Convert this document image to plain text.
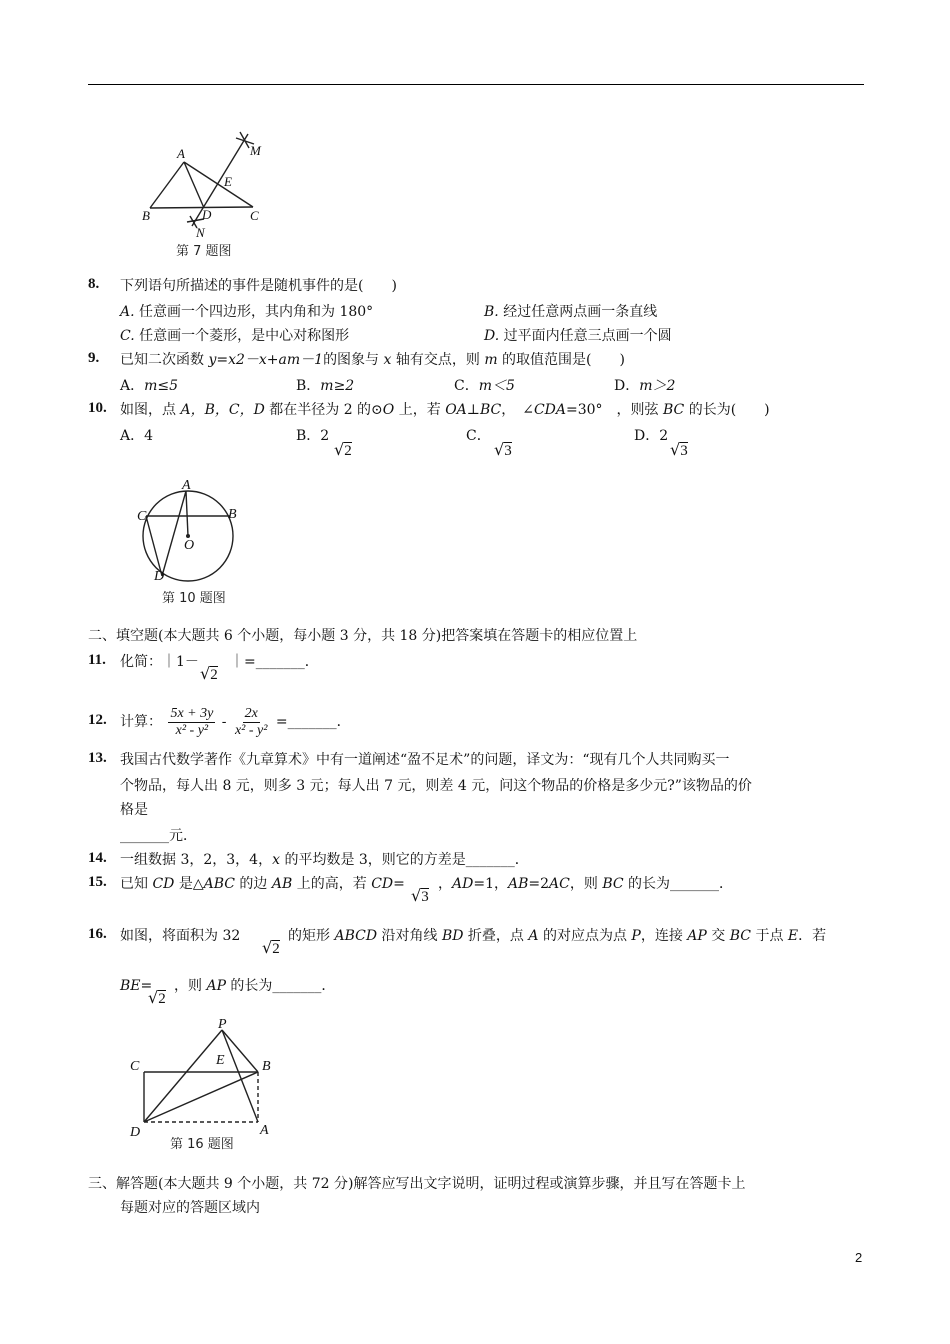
A
B	C
D
E
M
N
第 7 题图
8. 下列语句所描述的事件是随机事件的是(　　)
A. 任意画一个四边形，其内角和为 180°	B. 经过任意两点画一条直线
C. 任意画一个菱形，是中心对称图形	D. 过平面内任意三点画一个圆
9. 已知二次函数 y=x2－x+am－1的图象与 x 轴有交点，则 m 的取值范围是(　　)
A．m≤5	B．m≥2	C．m＜5	D．m＞2
10. 如图，点 A，B，C，D 都在半径为 2 的⊙O 上，若 OA⊥BC，　∠CDA=30°　，则弦 BC 的长为(　　)
A．4	B．2
√2
C．
√3
D．2
√3
A
B
C
D
O
第 10 题图
二、填空题(本大题共 6 个小题，每小题 3 分，共 18 分)把答案填在答题卡的相应位置上
11. 化简：｜1－
√2
｜=_______．
12. 计算： $\frac{5x + 3y}{\text{x² - y²}} - \frac{2x}{\text{x² - y²}}$ =_______．
13. 我国古代数学著作《九章算术》中有一道阐述“盈不足术”的问题，译文为：“现有几个人共同购买一
个物品，每人出 8 元，则多 3 元；每人出 7 元，则差 4 元，问这个物品的价格是多少元?”该物品的价
格是
_______元．
14. 一组数据 3，2，3，4，x 的平均数是 3，则它的方差是_______．
15. 已知 CD 是△ABC 的边 AB 上的高，若 CD=
√3
，AD=1，AB=2AC，则 BC 的长为_______．
16. 如图，将面积为 32
√2
的矩形 ABCD 沿对角线 BD 折叠，点 A 的对应点为点 P，连接 AP 交 BC 于点 E．若
BE=
√2
，则 AP 的长为_______．
P
B
C	E
D	A
第 16 题图
三、解答题(本大题共 9 个小题，共 72 分)解答应写出文字说明，证明过程或演算步骤，并且写在答题卡上
每题对应的答题区域内
2
